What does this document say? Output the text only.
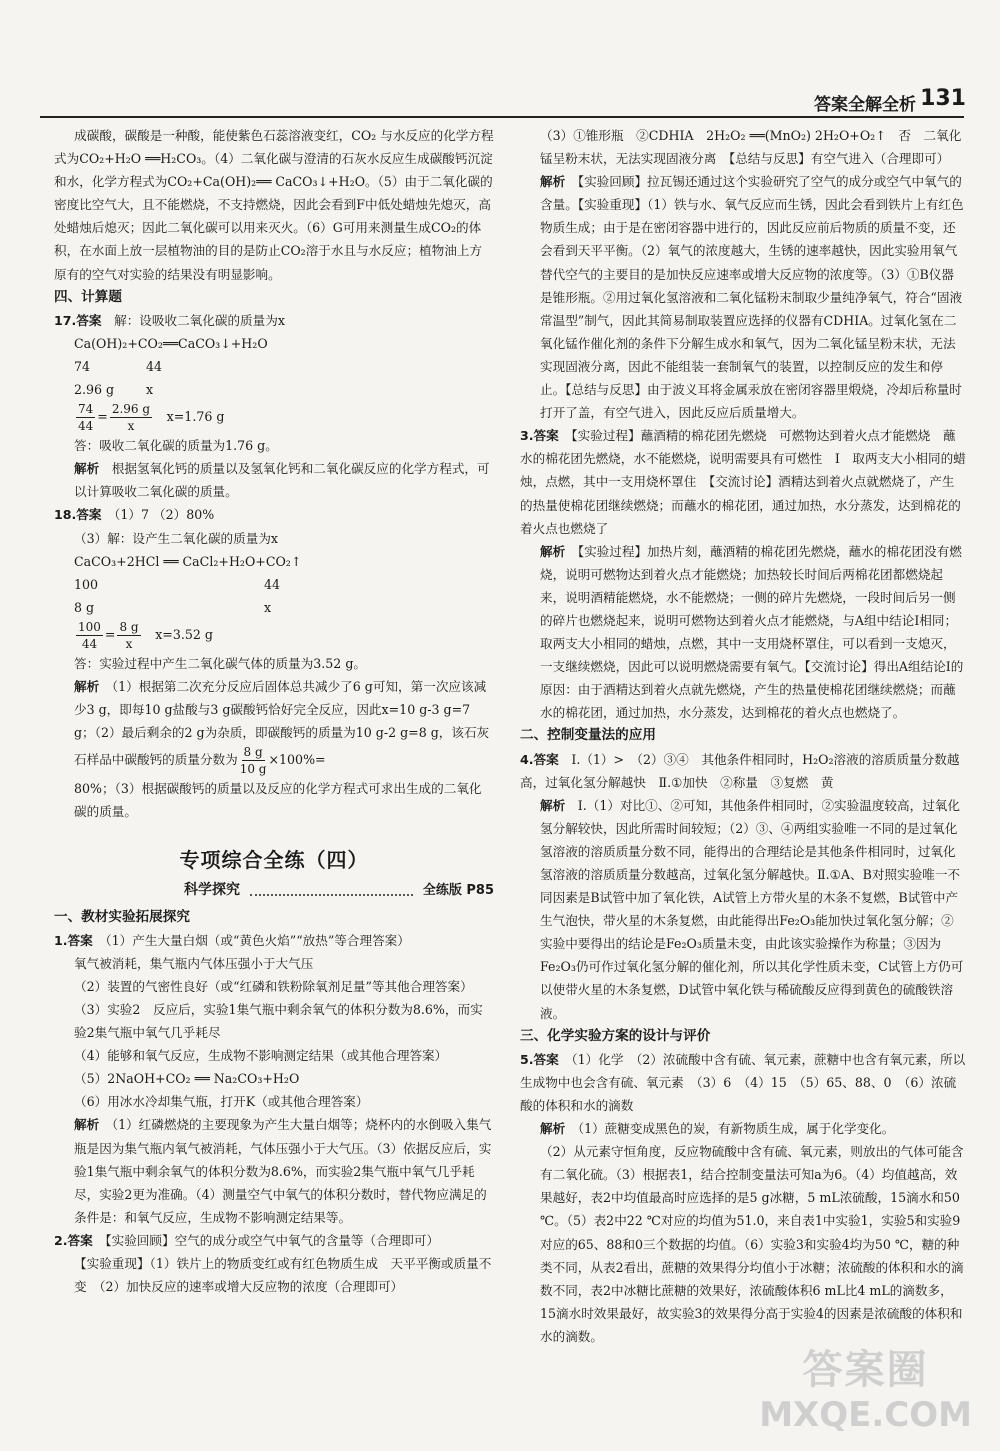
答案全解全析 131

成碳酸，碳酸是一种酸，能使紫色石蕊溶液变红，CO₂ 与水反应的化学方程式为CO₂+H₂O ══H₂CO₃。（4）二氧化碳与澄清的石灰水反应生成碳酸钙沉淀和水，化学方程式为CO₂+Ca(OH)₂══ CaCO₃↓+H₂O。（5）由于二氧化碳的密度比空气大，且不能燃烧，不支持燃烧，因此会看到F中低处蜡烛先熄灭，高处蜡烛后熄灭；因此二氧化碳可以用来灭火。（6）G可用来测量生成CO₂的体积，在水面上放一层植物油的目的是防止CO₂溶于水且与水反应；植物油上方原有的空气对实验的结果没有明显影响。

四、计算题

17.答案　 解：设吸收二氧化碳的质量为x

Ca(OH)₂+CO₂══CaCO₃↓+H₂O
74	44
2.96 g	x
$\frac{74}{44} = \frac{2.96 g}{x}$
　 x=1.76 g
答：吸收二氧化碳的质量为1.76 g。

解析　 根据氢氧化钙的质量以及氢氧化钙和二氧化碳反应的化学方程式，可以计算吸收二氧化碳的质量。

18.答案　 （1）7 （2）80%

（3）解：设产生二氧化碳的质量为x
CaCO₃+2HCl ══ CaCl₂+H₂O+CO₂↑
100	44
8 g	x
$\frac{100}{44} = \frac{8 g}{x}$
　 x=3.52 g
答：实验过程中产生二氧化碳气体的质量为3.52 g。

解析　 （1）根据第二次充分反应后固体总共减少了6 g可知，第一次应该减少3 g，即每10 g盐酸与3 g碳酸钙恰好完全反应，因此x=10 g-3 g=7 g；（2）最后剩余的2 g为杂质，即碳酸钙的质量为10 g-2 g=8 g，该石灰石样品中碳酸钙的质量分数为 $\frac{8 g}{10 g} \times 100\%=$

80%；（3）根据碳酸钙的质量以及反应的化学方程式可求出生成的二氧化碳的质量。

专项综合全练（四）
科学探究	全练版 P85

一、教材实验拓展探究

1.答案　 （1）产生大量白烟（或“黄色火焰”“放热”等合理答案）

氧气被消耗，集气瓶内气体压强小于大气压

（2）装置的气密性良好（或“红磷和铁粉除氧剂足量”等其他合理答案）

（3）实验2　反应后，实验1集气瓶中剩余氧气的体积分数为8.6%，而实验2集气瓶中氧气几乎耗尽

（4）能够和氧气反应，生成物不影响测定结果（或其他合理答案）

（5）2NaOH+CO₂ ══ Na₂CO₃+H₂O

（6）用冰水冷却集气瓶，打开K（或其他合理答案）

解析　 （1）红磷燃烧的主要现象为产生大量白烟等；烧杯内的水倒吸入集气瓶是因为集气瓶内氧气被消耗，气体压强小于大气压。（3）依据反应后，实验1集气瓶中剩余氧气的体积分数为8.6%，而实验2集气瓶中氧气几乎耗尽，实验2更为准确。（4）测量空气中氧气的体积分数时，替代物应满足的条件是：和氧气反应，生成物不影响测定结果等。

2.答案　 【实验回顾】空气的成分或空气中氧气的含量等（合理即可）

【实验重现】（1）铁片上的物质变红或有红色物质生成　天平平衡或质量不变　（2）加快反应的速率或增大反应物的浓度（合理即可）

（3）①锥形瓶　②CDHIA　2H₂O₂ ══(MnO₂) 2H₂O+O₂↑　否　二氧化锰呈粉末状，无法实现固液分离　【总结与反思】有空气进入（合理即可）

解析　 【实验回顾】拉瓦锡还通过这个实验研究了空气的成分或空气中氧气的含量。【实验重现】（1）铁与水、氧气反应而生锈，因此会看到铁片上有红色物质生成；由于是在密闭容器中进行的，因此反应前后物质的质量不变，还会看到天平平衡。（2）氧气的浓度越大，生锈的速率越快，因此实验用氧气替代空气的主要目的是加快反应速率或增大反应物的浓度等。（3）①B仪器是锥形瓶。②用过氧化氢溶液和二氧化锰粉末制取少量纯净氧气，符合“固液常温型”制气，因此其简易制取装置应选择的仪器有CDHIA。过氧化氢在二氧化锰作催化剂的条件下分解生成水和氧气，因为二氧化锰呈粉末状，无法实现固液分离，因此不能组装一套制氧气的装置，以控制反应的发生和停止。【总结与反思】由于波义耳将金属汞放在密闭容器里煅烧，冷却后称量时打开了盖，有空气进入，因此反应后质量增大。

3.答案　 【实验过程】蘸酒精的棉花团先燃烧　可燃物达到着火点才能燃烧　蘸水的棉花团先燃烧，水不能燃烧，说明需要具有可燃性　Ⅰ　取两支大小相同的蜡烛，点燃，其中一支用烧杯罩住　【交流讨论】酒精达到着火点就燃烧了，产生的热量使棉花团继续燃烧；而蘸水的棉花团，通过加热，水分蒸发，达到棉花的着火点也燃烧了

解析　 【实验过程】加热片刻，蘸酒精的棉花团先燃烧，蘸水的棉花团没有燃烧，说明可燃物达到着火点才能燃烧；加热较长时间后两棉花团都燃烧起来，说明酒精能燃烧，水不能燃烧；一侧的碎片先燃烧，一段时间后另一侧的碎片也燃烧起来，说明可燃物达到着火点才能燃烧，与A组中结论Ⅰ相同；取两支大小相同的蜡烛，点燃，其中一支用烧杯罩住，可以看到一支熄灭，一支继续燃烧，因此可以说明燃烧需要有氧气。【交流讨论】得出A组结论Ⅰ的原因：由于酒精达到着火点就先燃烧，产生的热量使棉花团继续燃烧；而蘸水的棉花团，通过加热，水分蒸发，达到棉花的着火点也燃烧了。

二、控制变量法的应用

4.答案　 Ⅰ.（1）>　（2）③④　其他条件相同时，H₂O₂溶液的溶质质量分数越高，过氧化氢分解越快　Ⅱ.①加快　②称量　③复燃　黄

解析　 Ⅰ.（1）对比①、②可知，其他条件相同时，②实验温度较高，过氧化氢分解较快，因此所需时间较短；（2）③、④两组实验唯一不同的是过氧化氢溶液的溶质质量分数不同，能得出的合理结论是其他条件相同时，过氧化氢溶液的溶质质量分数越高，过氧化氢分解越快。Ⅱ.①A、B对照实验唯一不同因素是B试管中加了氧化铁，A试管上方带火星的木条不复燃，B试管中产生气泡快，带火星的木条复燃，由此能得出Fe₂O₃能加快过氧化氢分解；②实验中要得出的结论是Fe₂O₃质量未变，由此该实验操作为称量；③因为Fe₂O₃仍可作过氧化氢分解的催化剂，所以其化学性质未变，C试管上方仍可以使带火星的木条复燃，D试管中氧化铁与稀硫酸反应得到黄色的硫酸铁溶液。

三、化学实验方案的设计与评价

5.答案　 （1）化学　（2）浓硫酸中含有硫、氧元素，蔗糖中也含有氧元素，所以生成物中也会含有硫、氧元素　（3）6　（4）15　（5）65、88、0　（6）浓硫酸的体积和水的滴数

解析　 （1）蔗糖变成黑色的炭，有新物质生成，属于化学变化。

（2）从元素守恒角度，反应物硫酸中含有硫、氧元素，则放出的气体可能含有二氧化硫。（3）根据表1，结合控制变量法可知a为6。（4）均值越高，效果越好，表2中均值最高时应选择的是5 g冰糖，5 mL浓硫酸，15滴水和50 ℃。（5）表2中22 ℃对应的均值为51.0，来自表1中实验1，实验5和实验9对应的65、88和0三个数据的均值。（6）实验3和实验4均为50 ℃，糖的种类不同，从表2看出，蔗糖的效果得分均值小于冰糖；浓硫酸的体积和水的滴数不同，表2中冰糖比蔗糖的效果好，浓硫酸体积6 mL比4 mL的滴数多，15滴水时效果最好，故实验3的效果得分高于实验4的因素是浓硫酸的体积和水的滴数。

答案圈
MXQE.COM
